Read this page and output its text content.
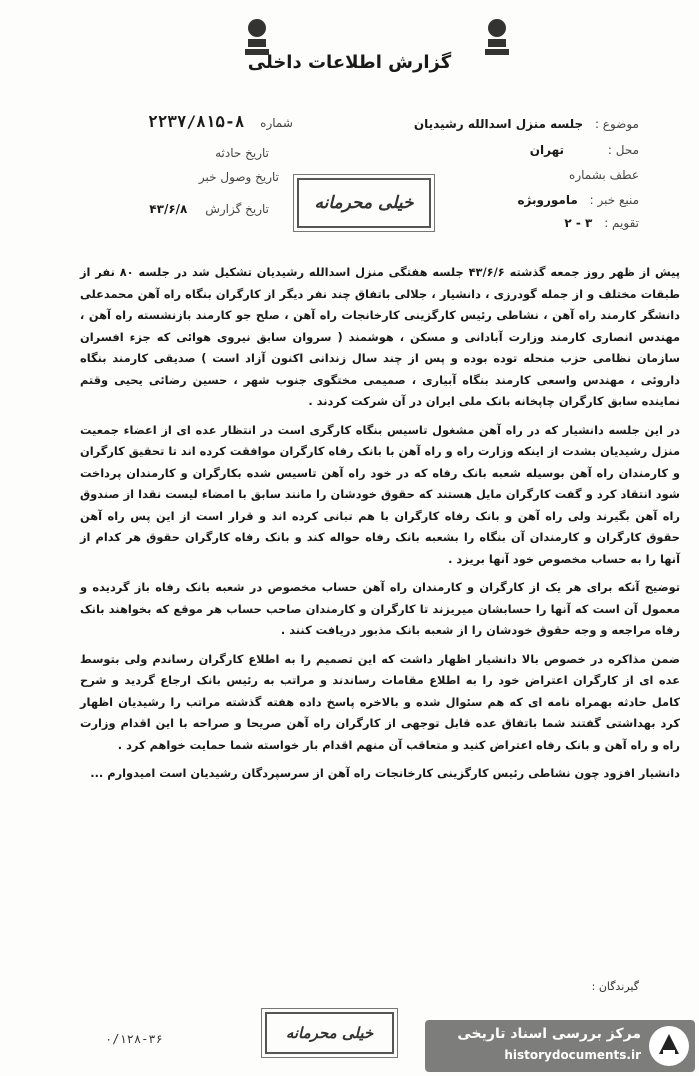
گزارش اطلاعات داخلی
موضوع : جلسه منزل اسدالله رشیدیان
محل : تهران
عطف بشماره
منبع خبر : ماموروبژه
تقویم : ۳ - ۲
۲۲۳۷/۸۱۵-۸ شماره
تاریخ حادثه
تاریخ وصول خبر
تاریخ گزارش ۴۳/۶/۸	خیلی محرمانه

پیش از ظهر روز جمعه گذشته ۴۳/۶/۶ جلسه هفتگی منزل اسدالله رشیدیان تشکیل شد در جلسه ۸۰ نفر از طبقات مختلف و از جمله گودرزی ، دانشیار ، جلالی باتفاق چند نفر دیگر از کارگران بنگاه راه آهن محمدعلی دانشگر کارمند راه آهن ، نشاطی رئیس کارگزینی کارخانجات راه آهن ، صلح جو کارمند بازنشسته راه آهن ، مهندس انصاری کارمند وزارت آبادانی و مسکن ، هوشمند ( سروان سابق نیروی هوائی که جزء افسران سازمان نظامی حزب منحله توده بوده و پس از چند سال زندانی اکنون آزاد است ) صدیقی کارمند بنگاه داروئی ، مهندس واسعی کارمند بنگاه آبیاری ، صمیمی مختگوی جنوب شهر ، حسین رضائی یحیی وقتم نماینده سابق کارگران چاپخانه بانک ملی ایران در آن شرکت کردند .

در این جلسه دانشیار که در راه آهن مشغول تاسیس بنگاه کارگری است در انتظار عده ای از اعضاء جمعیت منزل رشیدیان بشدت از اینکه وزارت راه و راه آهن با بانک رفاه کارگران موافقت کرده اند تا تحقیق کارگران و کارمندان راه آهن بوسیله شعبه بانک رفاه که در خود راه آهن تاسیس شده بکارگران و کارمندان پرداخت شود انتقاد کرد و گفت کارگران مایل هستند که حقوق خودشان را مانند سابق با امضاء لیست نقدا از صندوق راه آهن بگیرند ولی راه آهن و بانک رفاه کارگران با هم تبانی کرده اند و قرار است از این پس راه آهن حقوق کارگران و کارمندان آن بنگاه را بشعبه بانک رفاه حواله کند و بانک رفاه کارگران حقوق هر کدام از آنها را به حساب مخصوص خود آنها بریزد .

توضیح آنکه برای هر یک از کارگران و کارمندان راه آهن حساب مخصوص در شعبه بانک رفاه باز گردیده و معمول آن است که آنها را حسابشان میریزند تا کارگران و کارمندان صاحب حساب هر موقع که بخواهند بانک رفاه مراجعه و وجه حقوق خودشان را از شعبه بانک مذبور دریافت کنند .

ضمن مذاکره در خصوص بالا دانشیار اظهار داشت که این تصمیم را به اطلاع کارگران رساندم ولی بتوسط عده ای از کارگران اعتراض خود را به اطلاع مقامات رساندند و مراتب به رئیس بانک ارجاع گردید و شرح کامل حادثه بهمراه نامه ای که هم سئوال شده و بالاخره پاسخ داده هفته گذشته مراتب را رشیدیان اظهار کرد بهداشتی گفتند شما باتفاق عده قابل توجهی از کارگران راه آهن صریحا و صراحه با این اقدام وزارت راه و راه آهن و بانک رفاه اعتراض کنید و متعاقب آن منهم اقدام بار خواسته شما حمایت خواهم کرد .

دانشیار افزود چون نشاطی رئیس کارگزینی کارخانجات راه آهن از سرسپردگان رشیدیان است امیدوارم ...

گیرندگان :
خیلی محرمانه
۰/۱۲۸-۳۶	مرکز بررسی اسناد تاریخی
historydocuments.ir
